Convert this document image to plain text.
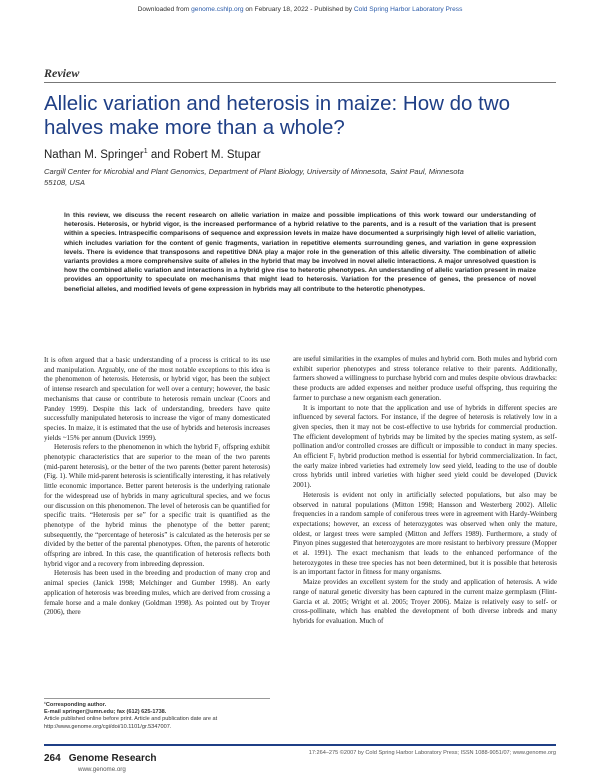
Downloaded from genome.cshlp.org on February 18, 2022 - Published by Cold Spring Harbor Laboratory Press
Review
Allelic variation and heterosis in maize: How do two halves make more than a whole?
Nathan M. Springer$^1$ and Robert M. Stupar
Cargill Center for Microbial and Plant Genomics, Department of Plant Biology, University of Minnesota, Saint Paul, Minnesota 55108, USA
In this review, we discuss the recent research on allelic variation in maize and possible implications of this work toward our understanding of heterosis. Heterosis, or hybrid vigor, is the increased performance of a hybrid relative to the parents, and is a result of the variation that is present within a species. Intraspecific comparisons of sequence and expression levels in maize have documented a surprisingly high level of allelic variation, which includes variation for the content of genic fragments, variation in repetitive elements surrounding genes, and variation in gene expression levels. There is evidence that transposons and repetitive DNA play a major role in the generation of this allelic diversity. The combination of allelic variants provides a more comprehensive suite of alleles in the hybrid that may be involved in novel allelic interactions. A major unresolved question is how the combined allelic variation and interactions in a hybrid give rise to heterotic phenotypes. An understanding of allelic variation present in maize provides an opportunity to speculate on mechanisms that might lead to heterosis. Variation for the presence of genes, the presence of novel beneficial alleles, and modified levels of gene expression in hybrids may all contribute to the heterotic phenotypes.

It is often argued that a basic understanding of a process is critical to its use and manipulation. Arguably, one of the most notable exceptions to this idea is the phenomenon of heterosis. Heterosis, or hybrid vigor, has been the subject of intense research and speculation for well over a century; however, the basic mechanisms that cause or contribute to heterosis remain unclear (Coors and Pandey 1999). Despite this lack of understanding, breeders have quite successfully manipulated heterosis to increase the vigor of many domesticated species. In maize, it is estimated that the use of hybrids and heterosis increases yields ~15% per annum (Duvick 1999).

Heterosis refers to the phenomenon in which the hybrid F₁ offspring exhibit phenotypic characteristics that are superior to the mean of the two parents (mid-parent heterosis), or the better of the two parents (better parent heterosis) (Fig. 1). While mid-parent heterosis is scientifically interesting, it has relatively little economic importance. Better parent heterosis is the underlying rationale for the widespread use of hybrids in many agricultural species, and we focus our discussion on this phenomenon. The level of heterosis can be quantified for specific traits. “Heterosis per se” for a specific trait is quantified as the phenotype of the hybrid minus the phenotype of the better parent; subsequently, the “percentage of heterosis” is calculated as the heterosis per se divided by the better of the parental phenotypes. Often, the parents of heterotic offspring are inbred. In this case, the quantification of heterosis reflects both hybrid vigor and a recovery from inbreeding depression.

Heterosis has been used in the breeding and production of many crop and animal species (Janick 1998; Melchinger and Gumber 1998). An early application of heterosis was breeding mules, which are derived from crossing a female horse and a male donkey (Goldman 1998). As pointed out by Troyer (2006), there

are useful similarities in the examples of mules and hybrid corn. Both mules and hybrid corn exhibit superior phenotypes and stress tolerance relative to their parents. Additionally, farmers showed a willingness to purchase hybrid corn and mules despite obvious drawbacks: these products are added expenses and neither produce useful offspring, thus requiring the farmer to purchase a new organism each generation.

It is important to note that the application and use of hybrids in different species are influenced by several factors. For instance, if the degree of heterosis is relatively low in a given species, then it may not be cost-effective to use hybrids for commercial production. The efficient development of hybrids may be limited by the species mating system, as self-pollination and/or controlled crosses are difficult or impossible to conduct in many species. An efficient F₁ hybrid production method is essential for hybrid commercialization. In fact, the early maize inbred varieties had extremely low seed yield, leading to the use of double cross hybrids until inbred varieties with higher seed yield could be developed (Duvick 2001).

Heterosis is evident not only in artificially selected populations, but also may be observed in natural populations (Mitton 1998; Hansson and Westerberg 2002). Allelic frequencies in a random sample of coniferous trees were in agreement with Hardy-Weinberg expectations; however, an excess of heterozygotes was observed when only the mature, oldest, or largest trees were sampled (Mitton and Jeffers 1989). Furthermore, a study of Pinyon pines suggested that heterozygotes are more resistant to herbivory pressure (Mopper et al. 1991). The exact mechanism that leads to the enhanced performance of the heterozygotes in these tree species has not been determined, but it is possible that heterosis is an important factor in fitness for many organisms.

Maize provides an excellent system for the study and application of heterosis. A wide range of natural genetic diversity has been captured in the current maize germplasm (Flint-Garcia et al. 2005; Wright et al. 2005; Troyer 2006). Maize is relatively easy to self- or cross-pollinate, which has enabled the development of both diverse inbreds and many hybrids for evaluation. Much of

¹Corresponding author.
E-mail springer@umn.edu; fax (612) 625-1738.
Article published online before print. Article and publication date are at http://www.genome.org/cgi/doi/10.1101/gr.5347007.
264 Genome Research
www.genome.org
17:264–275 ©2007 by Cold Spring Harbor Laboratory Press; ISSN 1088-9051/07; www.genome.org
